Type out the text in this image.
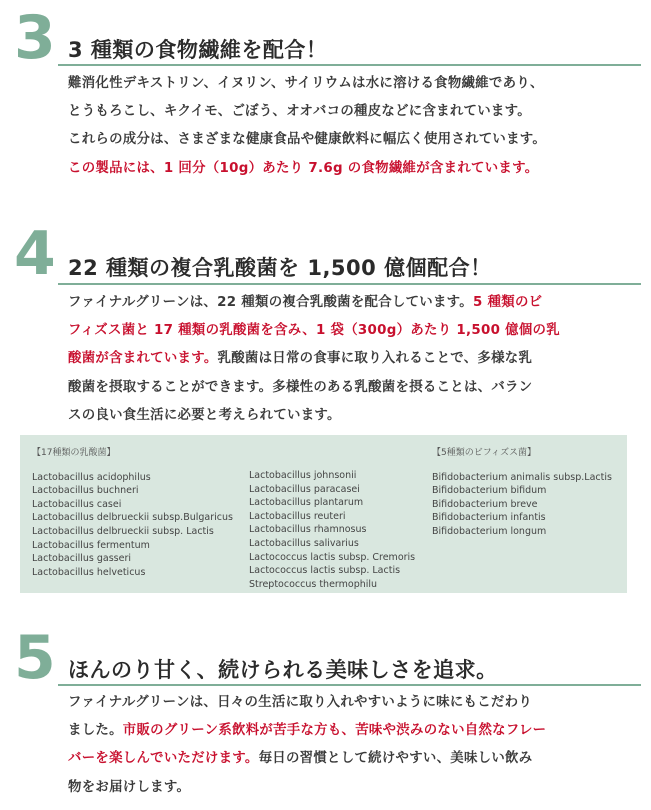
3 3 種類の食物繊維を配合！
難消化性デキストリン、イヌリン、サイリウムは水に溶ける食物繊維であり、
とうもろこし、キクイモ、ごぼう、オオバコの種皮などに含まれています。
これらの成分は、さまざまな健康食品や健康飲料に幅広く使用されています。
この製品には、1 回分（10g）あたり 7.6g の食物繊維が含まれています。
4 22 種類の複合乳酸菌を 1,500 億個配合！
ファイナルグリーンは、22 種類の複合乳酸菌を配合しています。5 種類のビ
フィズス菌と 17 種類の乳酸菌を含み、1 袋（300g）あたり 1,500 億個の乳
酸菌が含まれています。乳酸菌は日常の食事に取り入れることで、多様な乳
酸菌を摂取することができます。多様性のある乳酸菌を摂ることは、バラン
スの良い食生活に必要と考えられています。
【17種類の乳酸菌】
Lactobacillus acidophilus
Lactobacillus buchneri
Lactobacillus casei
Lactobacillus delbrueckii subsp.Bulgaricus
Lactobacillus delbrueckii subsp. Lactis
Lactobacillus fermentum
Lactobacillus gasseri
Lactobacillus helveticus
Lactobacillus johnsonii
Lactobacillus paracasei
Lactobacillus plantarum
Lactobacillus reuteri
Lactobacillus rhamnosus
Lactobacillus salivarius
Lactococcus lactis subsp. Cremoris
Lactococcus lactis subsp. Lactis
Streptococcus thermophilu
【5種類のビフィズス菌】
Bifidobacterium animalis subsp.Lactis
Bifidobacterium bifidum
Bifidobacterium breve
Bifidobacterium infantis
Bifidobacterium longum
5 ほんのり甘く、続けられる美味しさを追求。
ファイナルグリーンは、日々の生活に取り入れやすいように味にもこだわり
ました。市販のグリーン系飲料が苦手な方も、苦味や渋みのない自然なフレー
バーを楽しんでいただけます。毎日の習慣として続けやすい、美味しい飲み
物をお届けします。
